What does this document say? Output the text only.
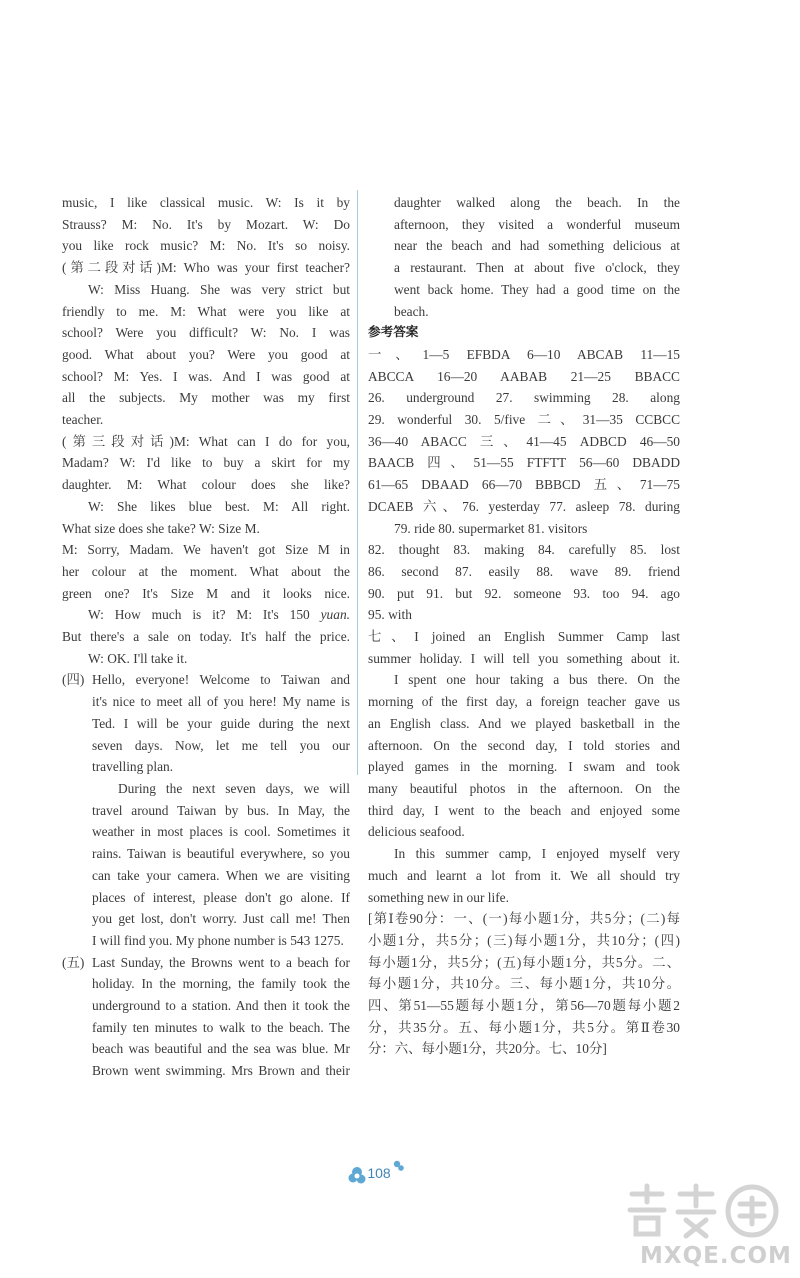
music, I like classical music. W: Is it by
Strauss? M: No. It's by Mozart. W: Do
you like rock music? M: No. It's so noisy.
(第二段对话)M: Who was your first teacher?
W: Miss Huang. She was very strict but
friendly to me. M: What were you like at
school? Were you difficult? W: No. I was
good. What about you? Were you good at
school? M: Yes. I was. And I was good at
all the subjects. My mother was my first
teacher.
(第三段对话)M: What can I do for you,
Madam? W: I'd like to buy a skirt for my
daughter. M: What colour does she like?
W: She likes blue best. M: All right.
What size does she take? W: Size M.
M: Sorry, Madam. We haven't got Size M in
her colour at the moment. What about the
green one? It's Size M and it looks nice.
W: How much is it? M: It's 150 yuan.
But there's a sale on today. It's half the price.
W: OK. I'll take it.
(四) Hello, everyone! Welcome to Taiwan and
it's nice to meet all of you here! My name is
Ted. I will be your guide during the next
seven days. Now, let me tell you our
travelling plan.
During the next seven days, we will
travel around Taiwan by bus. In May, the
weather in most places is cool. Sometimes it
rains. Taiwan is beautiful everywhere, so you
can take your camera. When we are visiting
places of interest, please don't go alone. If
you get lost, don't worry. Just call me! Then
I will find you. My phone number is 543 1275.
(五) Last Sunday, the Browns went to a beach for
holiday. In the morning, the family took the
underground to a station. And then it took the
family ten minutes to walk to the beach. The
beach was beautiful and the sea was blue. Mr
Brown went swimming. Mrs Brown and their
daughter walked along the beach. In the
afternoon, they visited a wonderful museum
near the beach and had something delicious at
a restaurant. Then at about five o'clock, they
went back home. They had a good time on the
beach.
参考答案
一、1—5 EFBDA 6—10 ABCAB 11—15
ABCCA 16—20 AABAB 21—25 BBACC
26. underground 27. swimming 28. along
29. wonderful 30. 5/five 二、31—35 CCBCC
36—40 ABACC 三、41—45 ADBCD 46—50
BAACB 四、51—55 FTFTT 56—60 DBADD
61—65 DBAAD 66—70 BBBCD 五、71—75
DCAEB 六、76. yesterday 77. asleep 78. during
79. ride 80. supermarket 81. visitors
82. thought 83. making 84. carefully 85. lost
86. second 87. easily 88. wave 89. friend
90. put 91. but 92. someone 93. too 94. ago
95. with
七、I joined an English Summer Camp last
summer holiday. I will tell you something about it.
I spent one hour taking a bus there. On the
morning of the first day, a foreign teacher gave us
an English class. And we played basketball in the
afternoon. On the second day, I told stories and
played games in the morning. I swam and took
many beautiful photos in the afternoon. On the
third day, I went to the beach and enjoyed some
delicious seafood.
In this summer camp, I enjoyed myself very
much and learnt a lot from it. We all should try
something new in our life.
[第Ⅰ卷90分：一、(一)每小题1分，共5分；(二)每
小题1分，共5分；(三)每小题1分，共10分；(四)
每小题1分，共5分；(五)每小题1分，共5分。二、
每小题1分，共10分。三、每小题1分，共10分。
四、第51—55题每小题1分，第56—70题每小题2
分，共35分。五、每小题1分，共5分。第Ⅱ卷30
分：六、每小题1分，共20分。七、10分]
108
MXQE.COM
